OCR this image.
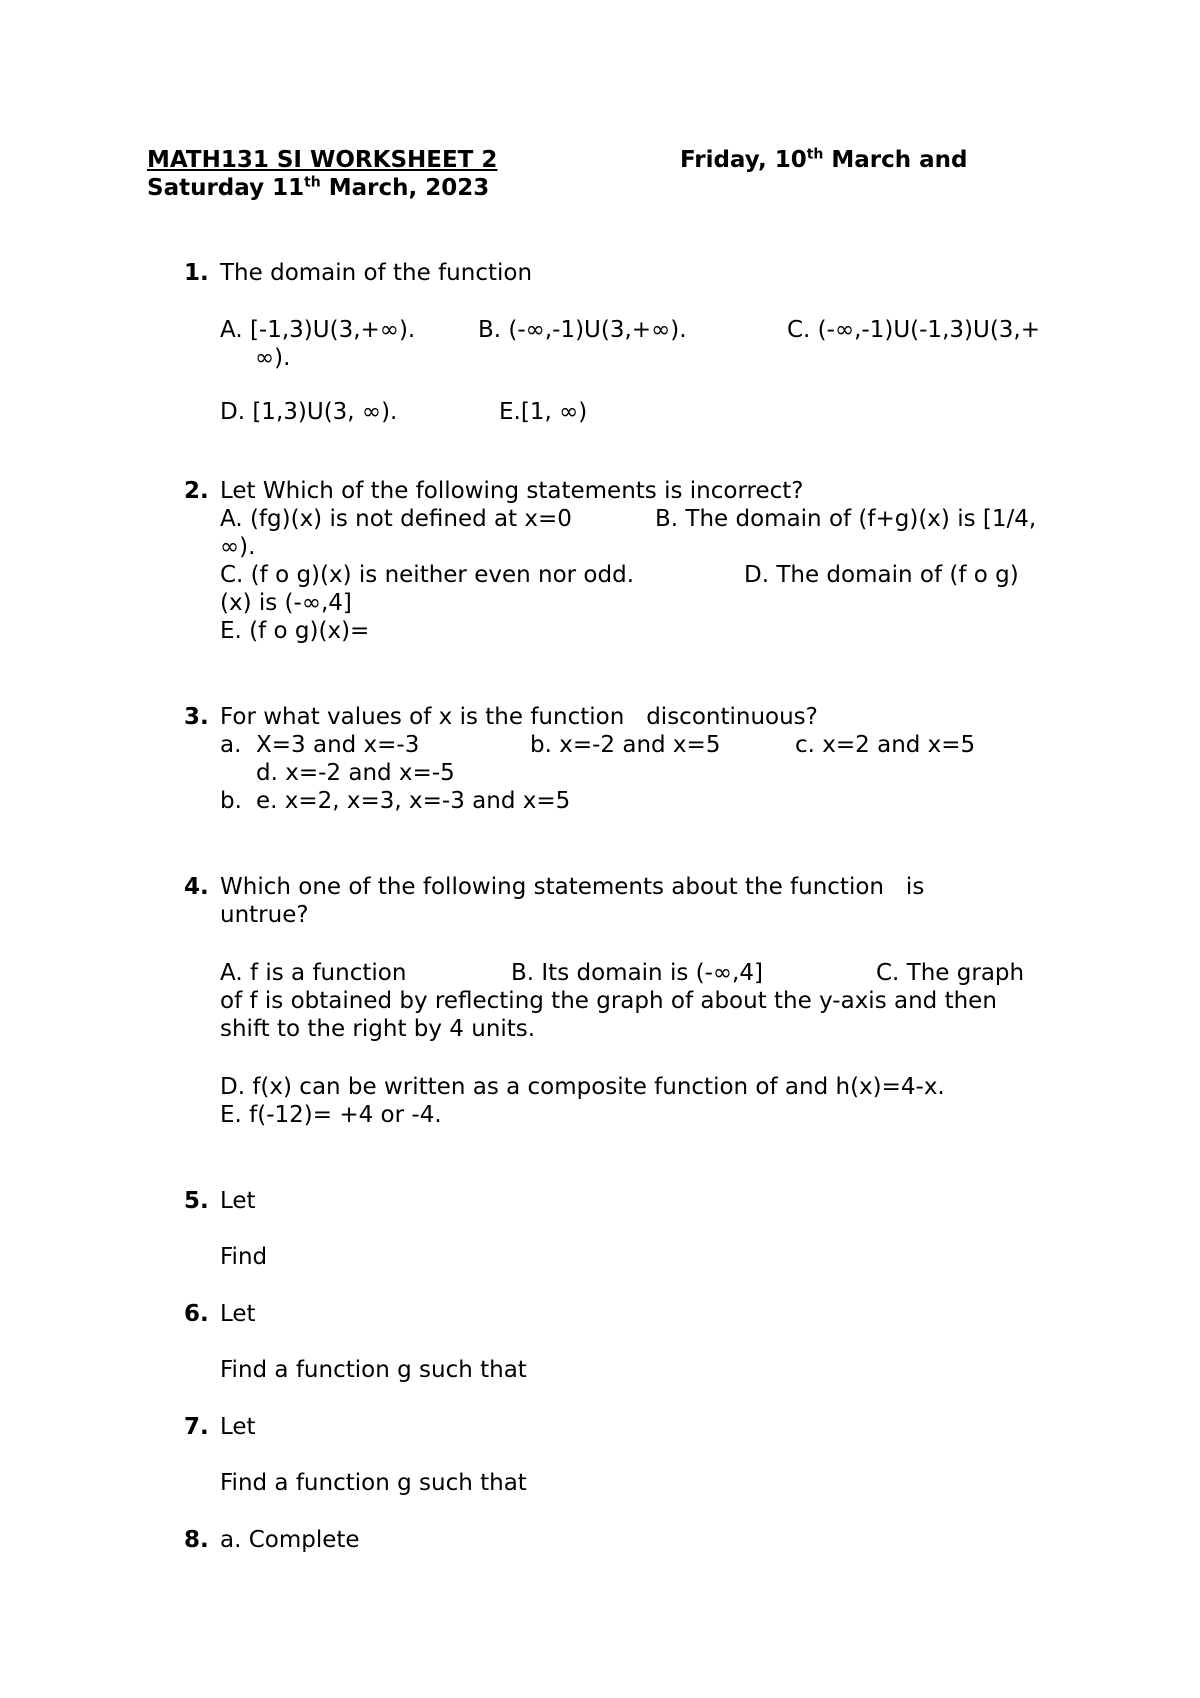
MATH131 SI WORKSHEET 2	Friday, 10th March and
Saturday 11th March, 2023
1. The domain of the function
A. [-1,3)U(3,+∞).	B. (-∞,-1)U(3,+∞).	C. (-∞,-1)U(-1,3)U(3,+
∞).
D. [1,3)U(3, ∞).	E.[1, ∞)
2. Let Which of the following statements is incorrect?
A. (fg)(x) is not defined at x=0	B. The domain of (f+g)(x) is [1/4,
∞).
C. (f o g)(x) is neither even nor odd.	D. The domain of (f o g)
(x) is (-∞,4]
E. (f o g)(x)=
3. For what values of x is the function   discontinuous?
a. X=3 and x=-3	b. x=-2 and x=5	c. x=2 and x=5
d. x=-2 and x=-5
b. e. x=2, x=3, x=-3 and x=5
4. Which one of the following statements about the function   is
untrue?
A. f is a function	B. Its domain is (-∞,4]	C. The graph
of f is obtained by reflecting the graph of about the y-axis and then
shift to the right by 4 units.
D. f(x) can be written as a composite function of and h(x)=4-x.
E. f(-12)= +4 or -4.
5. Let
Find
6. Let
Find a function g such that
7. Let
Find a function g such that
8. a. Complete
